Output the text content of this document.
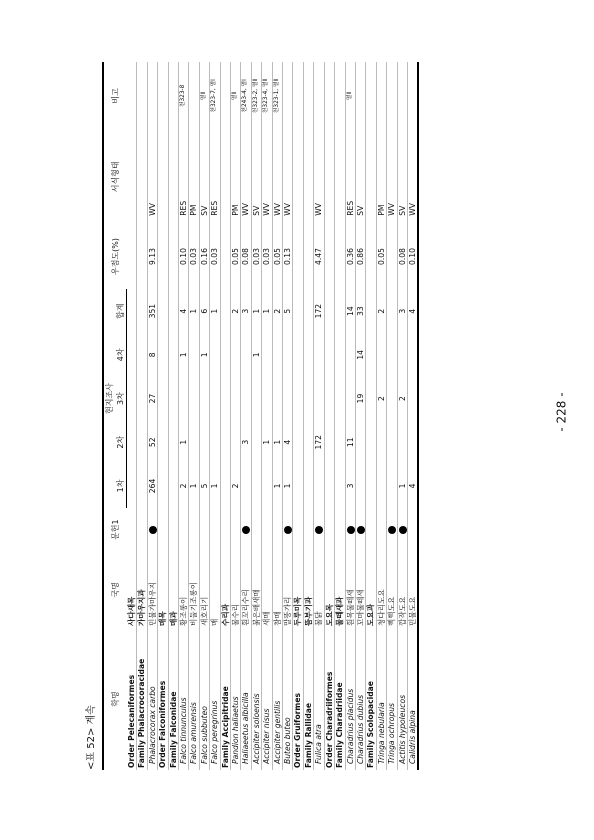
- 228 -
<표 52> 계속
학명	국명	문헌1	현지조사					우점도(%)	서식형태	비고
			1차	2차	3차	4차	합계			
Order Pelecaniformes	사다새목									
Family Phalacrocoracidae	가마우지과									
Phalacrocorax carbo	민물가마우지		264	52	27	8	351	9.13	WV	
Order Falconiformes	매목									
Family Falconidae	매과									
Falco tinnunculus	황조롱이		2	1		1	4	0.10	RES	천323-8
Falco amurensis	비둘기조롱이		1				1	0.03	PM	
Falco subbuteo	새호리기		5			1	6	0.16	SV	멸Ⅱ
Falco peregrinus	매		1				1	0.03	RES	천323-7, 멸Ⅰ
Family Accipitridae	수리과									
Pandion haliaetus	물수리		2				2	0.05	PM	멸Ⅱ
Haliaeetus albicilla	흰꼬리수리			3			3	0.08	WV	천243-4, 멸Ⅰ
Accipiter soloensis	붉은배새매					1	1	0.03	SV	천323-2, 멸Ⅱ
Accipiter nisus	새매			1			1	0.03	WV	천323-4, 멸Ⅱ
Accipiter gentilis	참매		1	1			2	0.05	WV	천323-1, 멸Ⅱ
Buteo buteo	말똥가리		1	4			5	0.13	WV	
Order Gruiformes	두루미목									
Family Rallidae	뜸부기과									
Fulica atra	물닭			172			172	4.47	WV	
Order Charadriiformes	도요목									
Family Charadriidae	물떼새과									
Charadrius placidus	흰목물떼새		3	11			14	0.36	RES	멸Ⅱ
Charadrius dubius	꼬마물떼새				19	14	33	0.86	SV	
Family Scolopacidae	도요과									
Tringa nebularia	청다리도요				2		2	0.05	PM	
Tringa ochropus	삑삑도요								WV	
Actitis hypoleucos	깝작도요		1		2		3	0.08	SV	
Calidris alpina	민물도요		4				4	0.10	WV	
